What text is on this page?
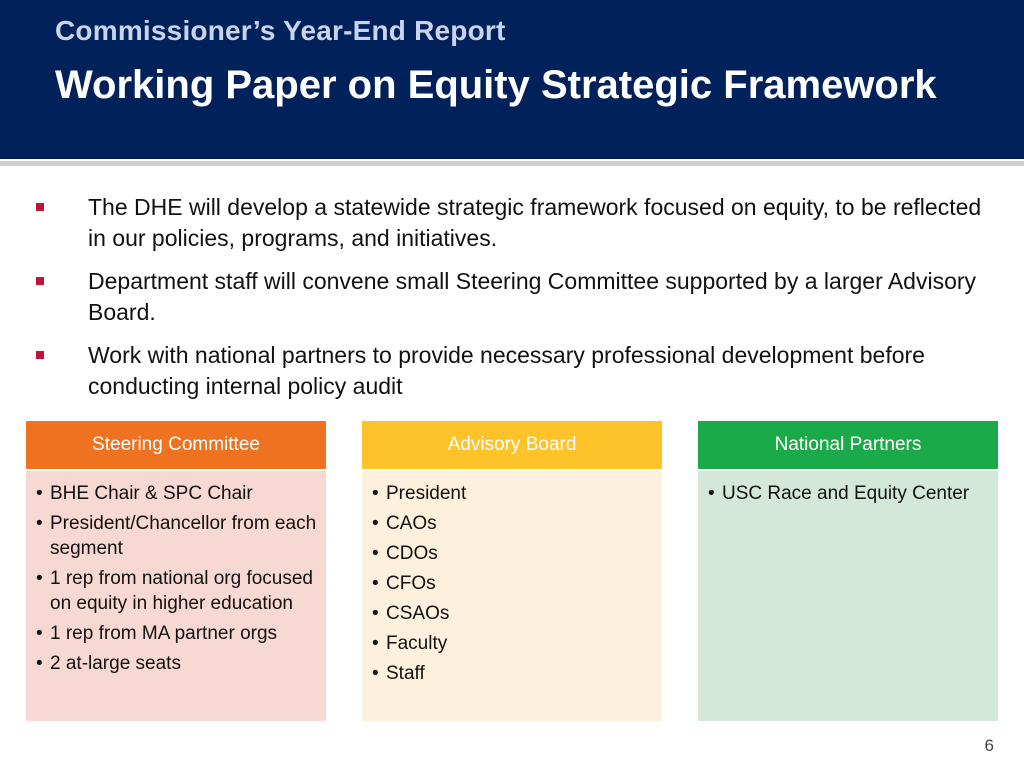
Commissioner’s Year-End Report
Working Paper on Equity Strategic Framework
The DHE will develop a statewide strategic framework focused on equity, to be reflected in our policies, programs, and initiatives.
Department staff will convene small Steering Committee supported by a larger Advisory Board.
Work with national partners to provide necessary professional development before conducting internal policy audit
Steering Committee
• BHE Chair & SPC Chair
• President/Chancellor from each segment
• 1 rep from national org focused on equity in higher education
• 1 rep from MA partner orgs
• 2 at-large seats
Advisory Board
• President
• CAOs
• CDOs
• CFOs
• CSAOs
• Faculty
• Staff
National Partners
• USC Race and Equity Center
6
